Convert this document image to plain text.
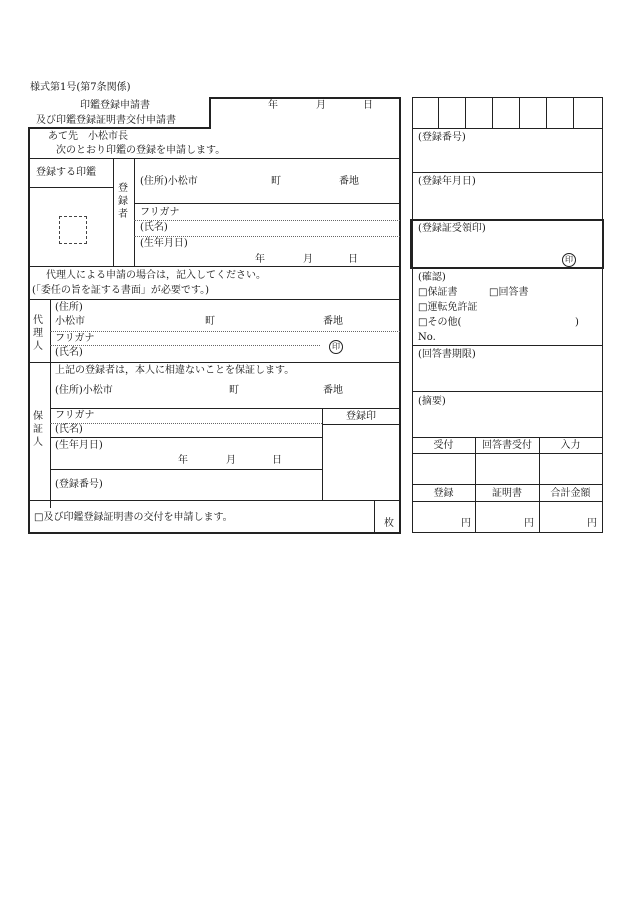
様式第1号(第7条関係)
印鑑登録申請書
及び印鑑登録証明書交付申請書
年	月	日
あて先　小松市長
次のとおり印鑑の登録を申請します。
登録する印鑑
登録者
(住所)小松市	町	番地
フリガナ
(氏名)
(生年月日)
年	月	日
代理人による申請の場合は，記入してください。
(「委任の旨を証する書面」が必要です。)
代理人
(住所)
小松市	町	番地
フリガナ
印
(氏名)
上記の登録者は，本人に相違ないことを保証します。
(住所)小松市	町	番地
保証人
登録印
フリガナ
(氏名)
(生年月日)
年	月	日
(登録番号)
□及び印鑑登録証明書の交付を申請します。
枚
(登録番号)
(登録年月日)
(登録証受領印)
印
(確認)
□保証書	□回答書
□運転免許証
□その他(	)
No.
(回答書期限)
(摘要)
受付	回答書受付	入力
登録	証明書	合計金額
円	円	円
